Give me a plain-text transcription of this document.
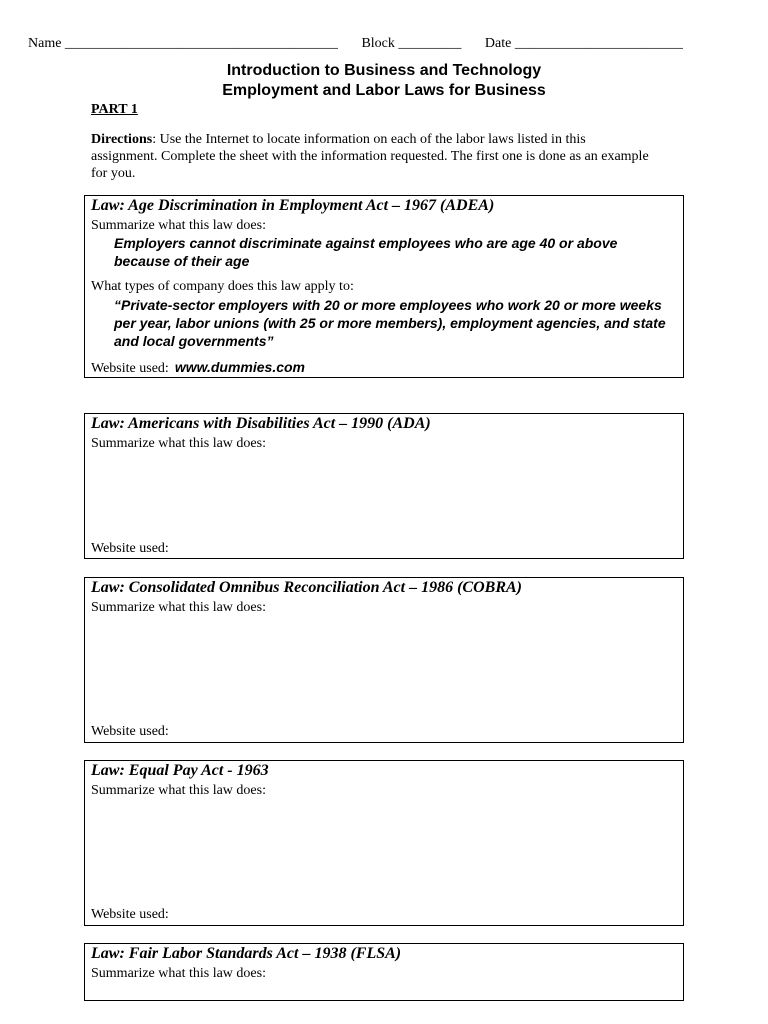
Name _______________________________________ Block _________ Date ________________________
Introduction to Business and Technology
Employment and Labor Laws for Business
PART 1
Directions: Use the Internet to locate information on each of the labor laws listed in this assignment. Complete the sheet with the information requested. The first one is done as an example for you.
Law: Age Discrimination in Employment Act – 1967 (ADEA)
Summarize what this law does:
Employers cannot discriminate against employees who are age 40 or above because of their age
What types of company does this law apply to:
“Private-sector employers with 20 or more employees who work 20 or more weeks per year, labor unions (with 25 or more members), employment agencies, and state and local governments”
Website used: www.dummies.com
Law: Americans with Disabilities Act – 1990 (ADA)
Summarize what this law does:
Website used:
Law: Consolidated Omnibus Reconciliation Act – 1986 (COBRA)
Summarize what this law does:
Website used:
Law: Equal Pay Act - 1963
Summarize what this law does:
Website used:
Law: Fair Labor Standards Act – 1938 (FLSA)
Summarize what this law does:
